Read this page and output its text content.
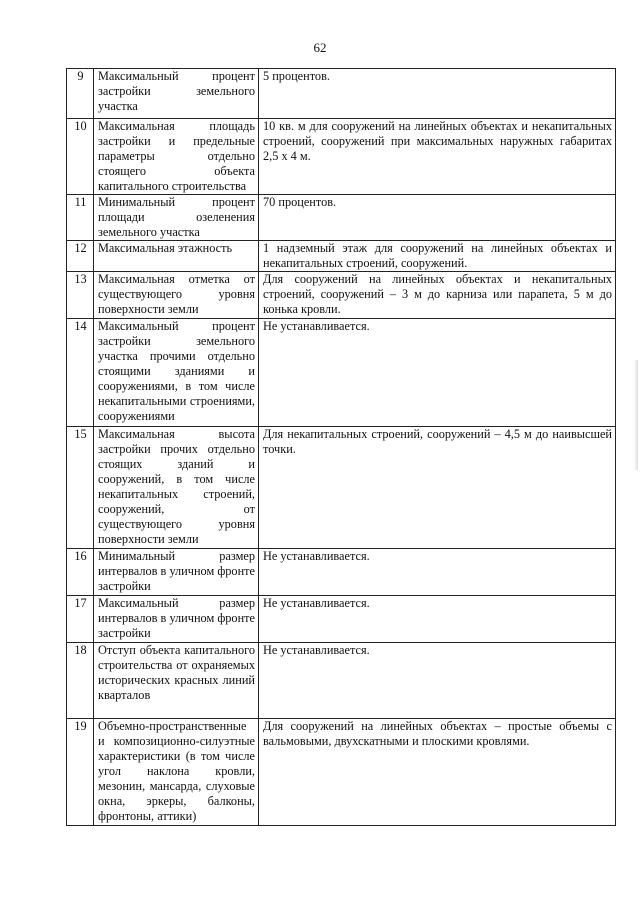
62
9	Максимальный процент застройки земельного участка	5 процентов.
10	Максимальная площадь застройки и предельные параметры отдельно стоящего объекта капитального строительства	10 кв. м для сооружений на линейных объектах и некапитальных строений, сооружений при максимальных наружных габаритах 2,5 х 4 м.
11	Минимальный процент площади озеленения земельного участка	70 процентов.
12	Максимальная этажность	1 надземный этаж для сооружений на линейных объектах и некапитальных строений, сооружений.
13	Максимальная отметка от существующего уровня поверхности земли	Для сооружений на линейных объектах и некапитальных строений, сооружений – 3 м до карниза или парапета, 5 м до конька кровли.
14	Максимальный процент застройки земельного участка прочими отдельно стоящими зданиями и сооружениями, в том числе некапитальными строениями, сооружениями	Не устанавливается.
15	Максимальная высота застройки прочих отдельно стоящих зданий и сооружений, в том числе некапитальных строений, сооружений, от существующего уровня поверхности земли	Для некапитальных строений, сооружений – 4,5 м до наивысшей точки.
16	Минимальный размер интервалов в уличном фронте застройки	Не устанавливается.
17	Максимальный размер интервалов в уличном фронте застройки	Не устанавливается.
18	Отступ объекта капитального строительства от охраняемых исторических красных линий кварталов	Не устанавливается.
19	Объемно-пространственные и композиционно-силуэтные характеристики (в том числе угол наклона кровли, мезонин, мансарда, слуховые окна, эркеры, балконы, фронтоны, аттики)	Для сооружений на линейных объектах – простые объемы с вальмовыми, двухскатными и плоскими кровлями.
